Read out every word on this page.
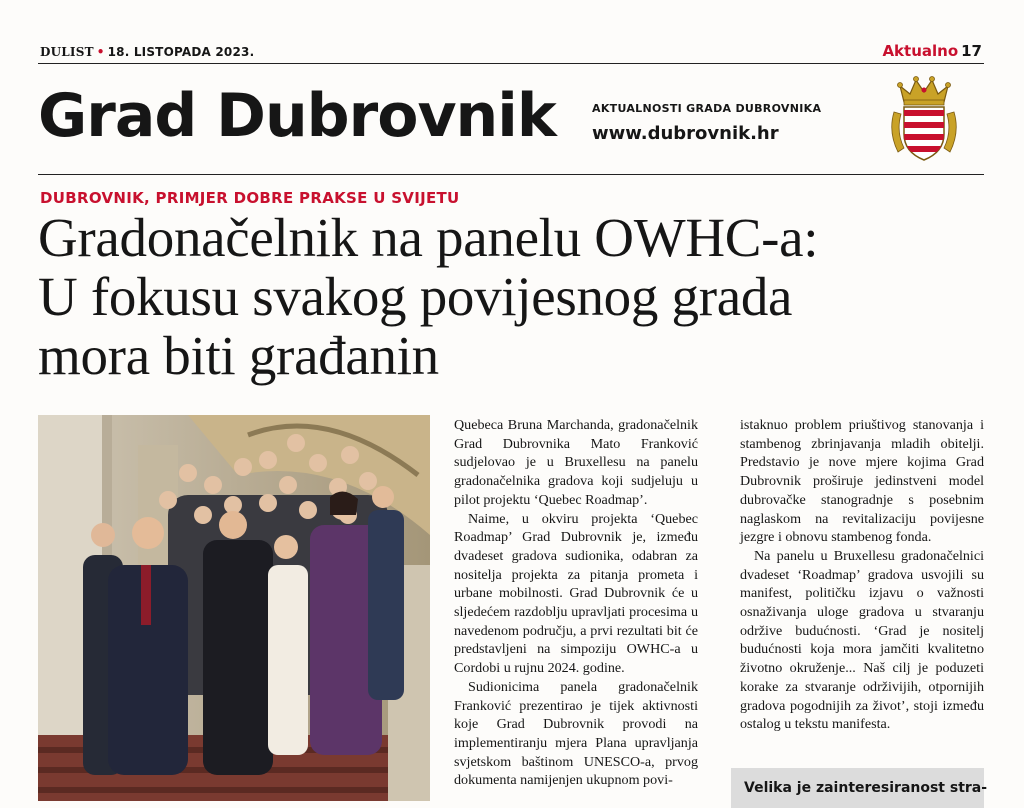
DULIST • 18. LISTOPADA 2023.	Aktualno 17
Grad Dubrovnik	AKTUALNOSTI GRADA DUBROVNIKA
www.dubrovnik.hr
DUBROVNIK, PRIMJER DOBRE PRAKSE U SVIJETU
Gradonačelnik na panelu OWHC-a:
U fokusu svakog povijesnog grada
mora biti građanin

Quebeca Bruna Marchanda, gradonačelnik Grad Dubrovnika Mato Franković sudjelovao je u Bruxellesu na panelu gradonačelnika gradova koji sudjeluju u pilot projektu ‘Quebec Roadmap’.

Naime, u okviru projekta ‘Quebec Roadmap’ Grad Dubrovnik je, između dvadeset gradova sudionika, odabran za nositelja projekta za pitanja prometa i urbane mobilnosti. Grad Dubrovnik će u sljedećem razdoblju upravljati procesima u navedenom području, a prvi rezultati bit će predstavljeni na simpoziju OWHC-a u Cordobi u rujnu 2024. godine.

Sudionicima panela gradonačelnik Franković prezentirao je tijek aktivnosti koje Grad Dubrovnik provodi na implementiranju mjera Plana upravljanja svjetskom baštinom UNESCO-a, prvog dokumenta namijenjen ukupnom povi-

istaknuo problem priuštivog stanovanja i stambenog zbrinjavanja mladih obitelji. Predstavio je nove mjere kojima Grad Dubrovnik proširuje jedinstveni model dubrovačke stanogradnje s posebnim naglaskom na revitalizaciju povijesne jezgre i obnovu stambenog fonda.

Na panelu u Bruxellesu gradonačelnici dvadeset ‘Roadmap’ gradova usvojili su manifest, političku izjavu o važnosti osnaživanja uloge gradova u stvaranju održive budućnosti. ‘Grad je nositelj budućnosti koja mora jamčiti kvalitetno životno okruženje... Naš cilj je poduzeti korake za stvaranje održivijih, otpornijih gradova pogodnijih za život’, stoji između ostalog u tekstu manifesta.

Velika je zainteresiranost stra-
